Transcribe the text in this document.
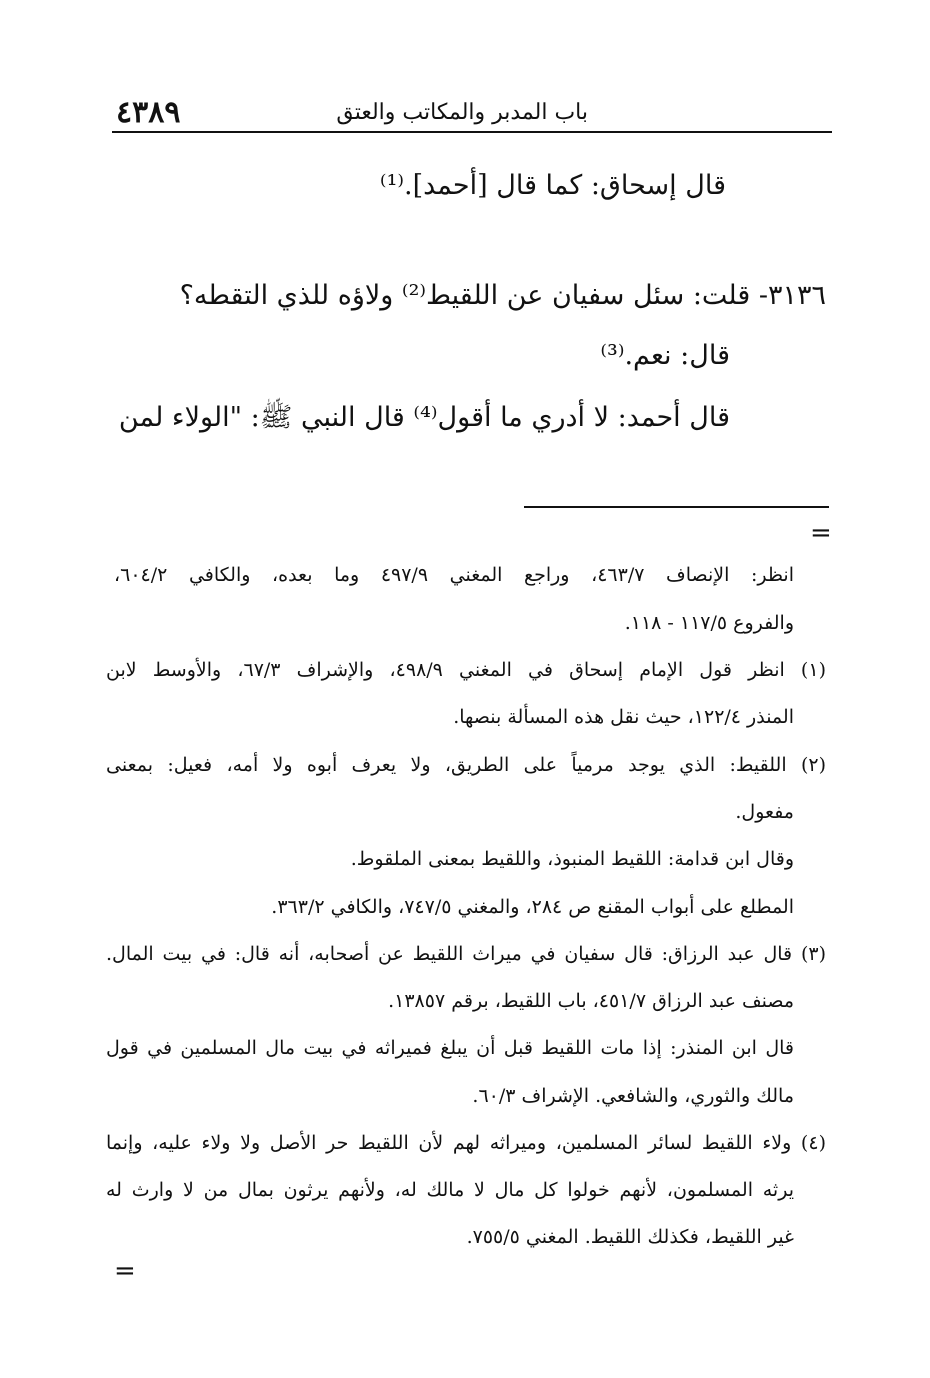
٤٣٨٩	باب المدبر والمكاتب والعتق
قال إسحاق: كما قال [أحمد].⁽¹⁾
٣١٣٦- قلت: سئل سفيان عن اللقيط⁽²⁾ ولاؤه للذي التقطه؟
قال: نعم.⁽³⁾
قال أحمد: لا أدري ما أقول⁽⁴⁾ قال النبي ﷺ: "الولاء لمن
=
انظر: الإنصاف ٤٦٣/٧، وراجع المغني ٤٩٧/٩ وما بعده، والكافي ٦٠٤/٢،
والفروع ١١٧/٥ - ١١٨.
(١) انظر قول الإمام إسحاق في المغني ٤٩٨/٩، والإشراف ٦٧/٣، والأوسط لابن
المنذر ١٢٢/٤، حيث نقل هذه المسألة بنصها.
(٢) اللقيط: الذي يوجد مرمياً على الطريق، ولا يعرف أبوه ولا أمه، فعيل: بمعنى
مفعول.
وقال ابن قدامة: اللقيط المنبوذ، واللقيط بمعنى الملقوط.
المطلع على أبواب المقنع ص ٢٨٤، والمغني ٧٤٧/٥، والكافي ٣٦٣/٢.
(٣) قال عبد الرزاق: قال سفيان في ميراث اللقيط عن أصحابه، أنه قال: في بيت المال.
مصنف عبد الرزاق ٤٥١/٧، باب اللقيط، برقم ١٣٨٥٧.
قال ابن المنذر: إذا مات اللقيط قبل أن يبلغ فميراثه في بيت مال المسلمين في قول
مالك والثوري، والشافعي. الإشراف ٦٠/٣.
(٤) ولاء اللقيط لسائر المسلمين، وميراثه لهم لأن اللقيط حر الأصل ولا ولاء عليه، وإنما
يرثه المسلمون، لأنهم خولوا كل مال لا مالك له، ولأنهم يرثون بمال من لا وارث له
غير اللقيط، فكذلك اللقيط. المغني ٧٥٥/٥.
=
